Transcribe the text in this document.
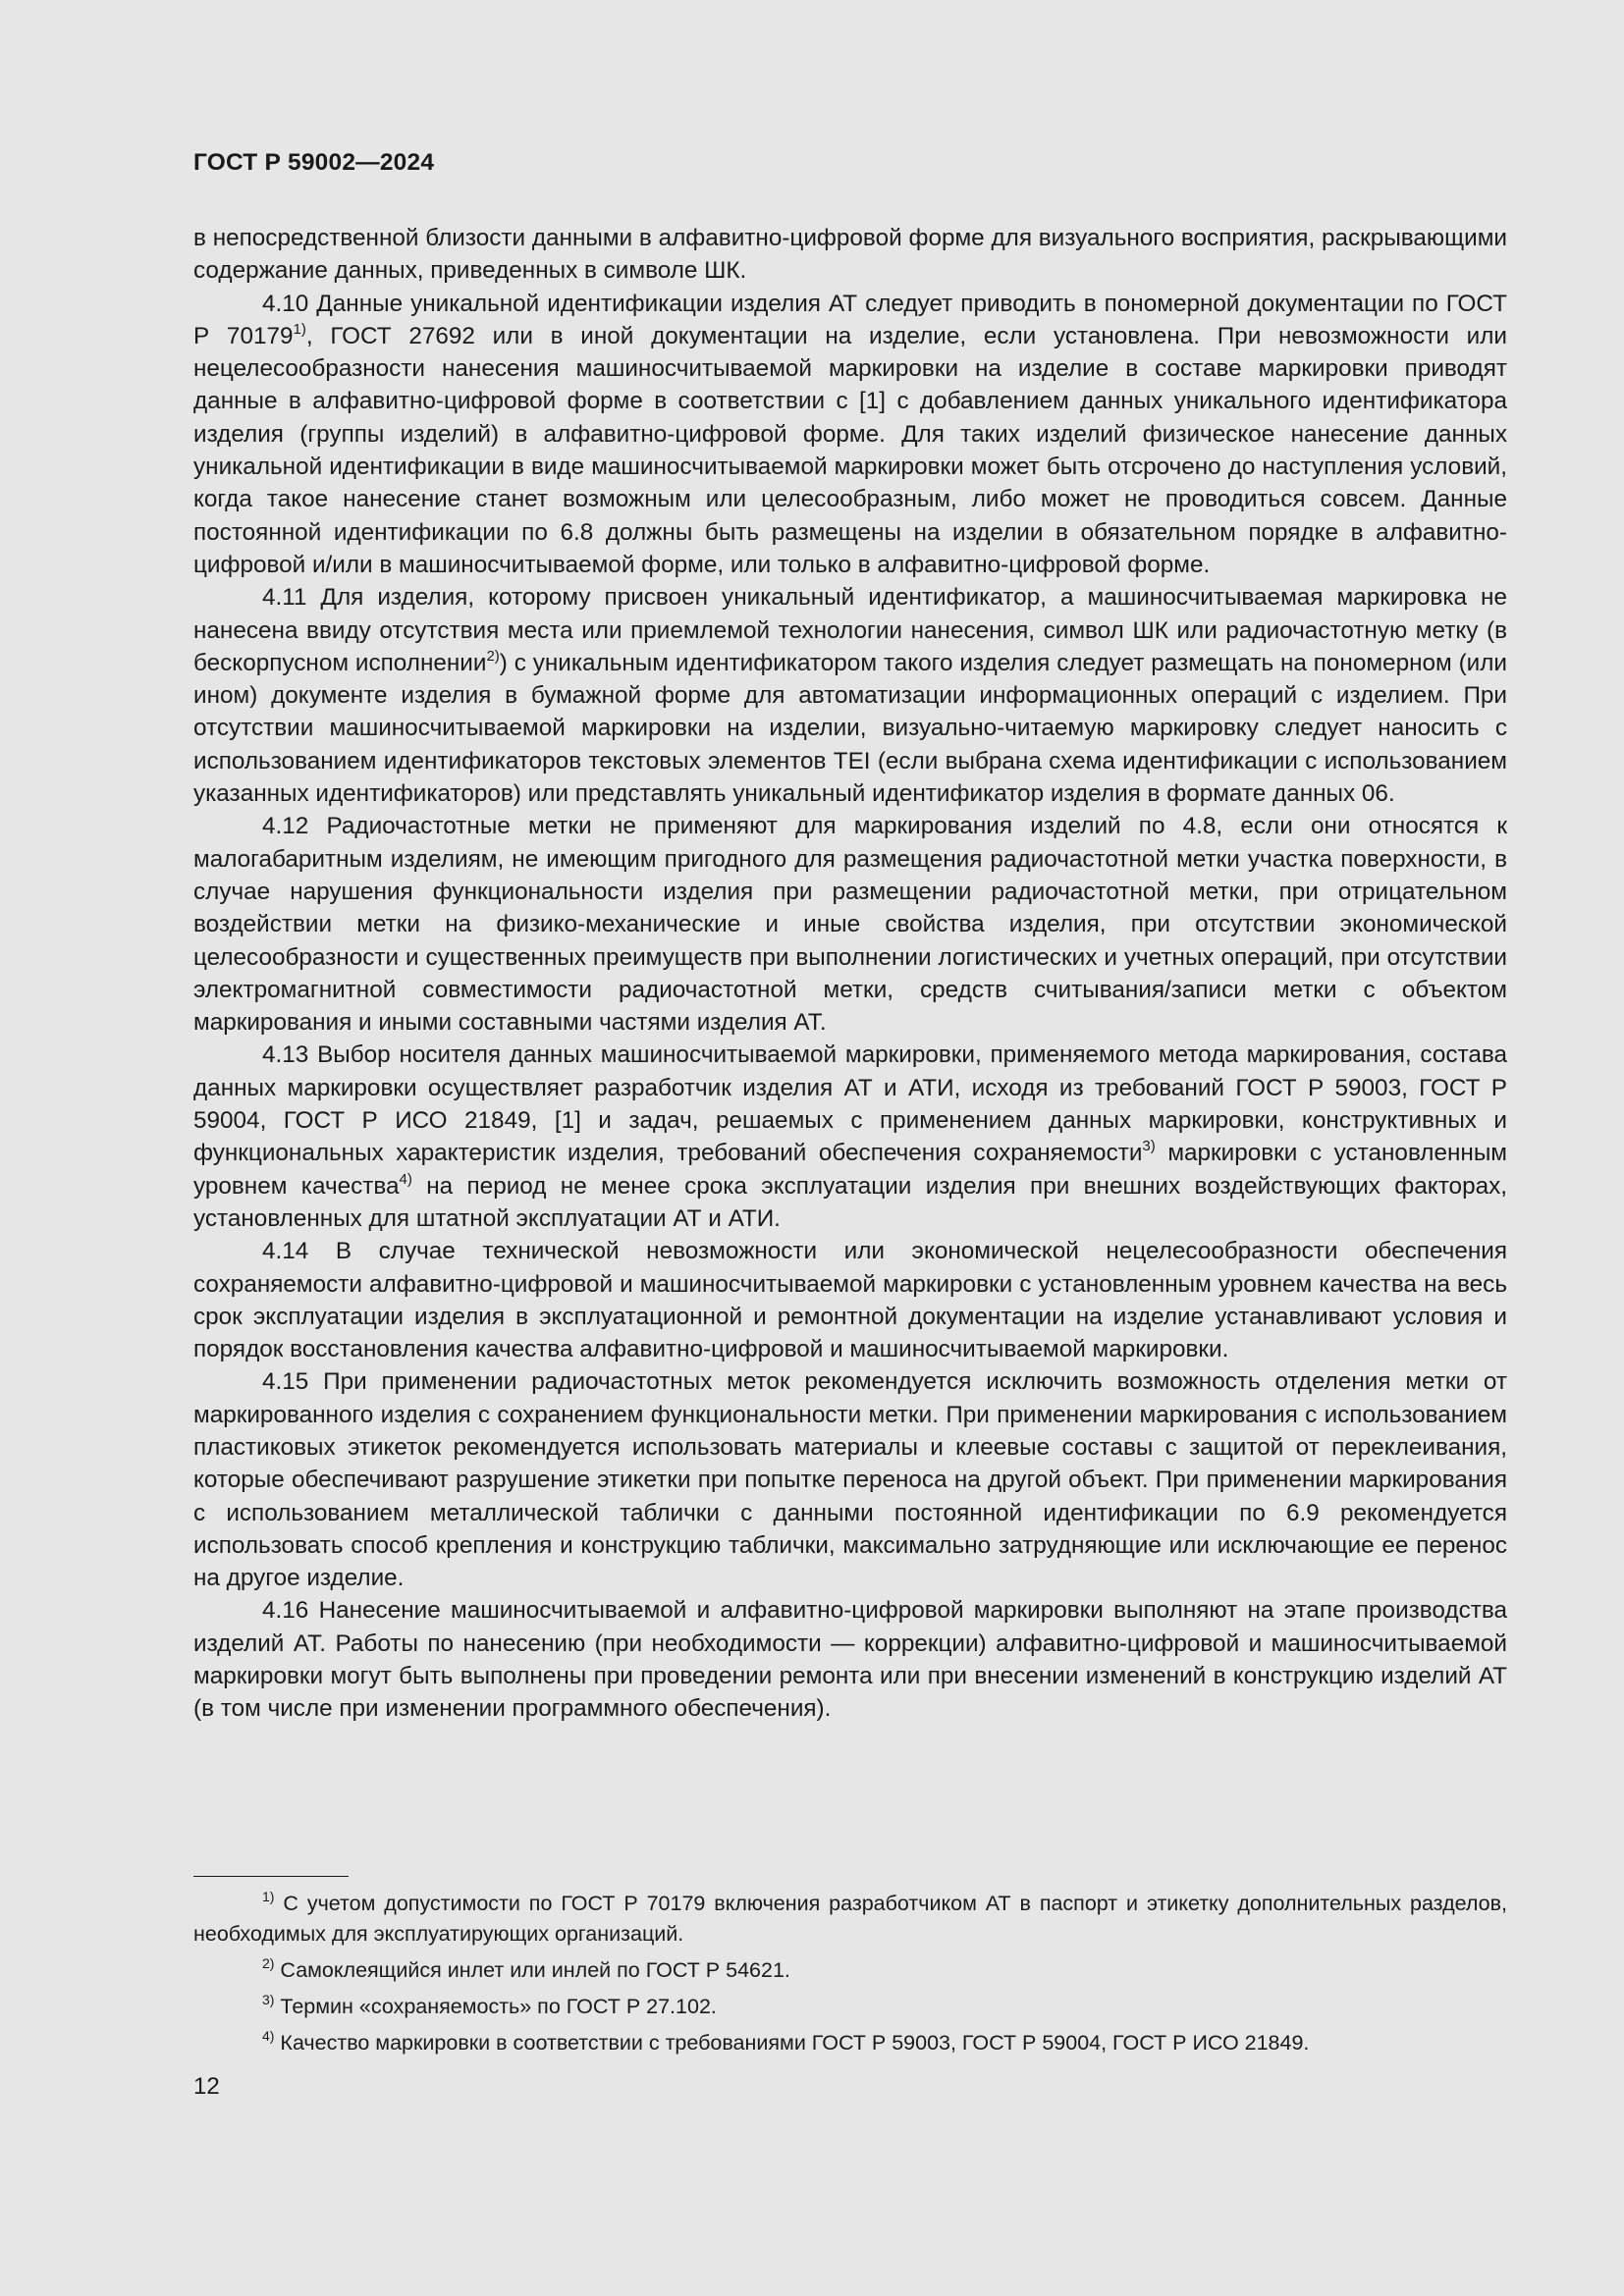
ГОСТ Р 59002—2024

в непосредственной близости данными в алфавитно-цифровой форме для визуального восприятия, раскрывающими содержание данных, приведенных в символе ШК.

4.10 Данные уникальной идентификации изделия АТ следует приводить в пономерной документации по ГОСТ Р 70179$^{1)}$, ГОСТ 27692 или в иной документации на изделие, если установлена. При невозможности или нецелесообразности нанесения машиносчитываемой маркировки на изделие в составе маркировки приводят данные в алфавитно-цифровой форме в соответствии с [1] с добавлением данных уникального идентификатора изделия (группы изделий) в алфавитно-цифровой форме. Для таких изделий физическое нанесение данных уникальной идентификации в виде машиносчитываемой маркировки может быть отсрочено до наступления условий, когда такое нанесение станет возможным или целесообразным, либо может не проводиться совсем. Данные постоянной идентификации по 6.8 должны быть размещены на изделии в обязательном порядке в алфавитно-цифровой и/или в машиносчитываемой форме, или только в алфавитно-цифровой форме.

4.11 Для изделия, которому присвоен уникальный идентификатор, а машиносчитываемая маркировка не нанесена ввиду отсутствия места или приемлемой технологии нанесения, символ ШК или радиочастотную метку (в бескорпусном исполнении$^{2)}$) с уникальным идентификатором такого изделия следует размещать на пономерном (или ином) документе изделия в бумажной форме для автоматизации информационных операций с изделием. При отсутствии машиносчитываемой маркировки на изделии, визуально-читаемую маркировку следует наносить с использованием идентификаторов текстовых элементов TEI (если выбрана схема идентификации с использованием указанных идентификаторов) или представлять уникальный идентификатор изделия в формате данных 06.

4.12 Радиочастотные метки не применяют для маркирования изделий по 4.8, если они относятся к малогабаритным изделиям, не имеющим пригодного для размещения радиочастотной метки участка поверхности, в случае нарушения функциональности изделия при размещении радиочастотной метки, при отрицательном воздействии метки на физико-механические и иные свойства изделия, при отсутствии экономической целесообразности и существенных преимуществ при выполнении логистических и учетных операций, при отсутствии электромагнитной совместимости радиочастотной метки, средств считывания/записи метки с объектом маркирования и иными составными частями изделия АТ.

4.13 Выбор носителя данных машиносчитываемой маркировки, применяемого метода маркирования, состава данных маркировки осуществляет разработчик изделия АТ и АТИ, исходя из требований ГОСТ Р 59003, ГОСТ Р 59004, ГОСТ Р ИСО 21849, [1] и задач, решаемых с применением данных маркировки, конструктивных и функциональных характеристик изделия, требований обеспечения сохраняемости$^{3)}$ маркировки с установленным уровнем качества$^{4)}$ на период не менее срока эксплуатации изделия при внешних воздействующих факторах, установленных для штатной эксплуатации АТ и АТИ.

4.14 В случае технической невозможности или экономической нецелесообразности обеспечения сохраняемости алфавитно-цифровой и машиносчитываемой маркировки с установленным уровнем качества на весь срок эксплуатации изделия в эксплуатационной и ремонтной документации на изделие устанавливают условия и порядок восстановления качества алфавитно-цифровой и машиносчитываемой маркировки.

4.15 При применении радиочастотных меток рекомендуется исключить возможность отделения метки от маркированного изделия с сохранением функциональности метки. При применении маркирования с использованием пластиковых этикеток рекомендуется использовать материалы и клеевые составы с защитой от переклеивания, которые обеспечивают разрушение этикетки при попытке переноса на другой объект. При применении маркирования с использованием металлической таблички с данными постоянной идентификации по 6.9 рекомендуется использовать способ крепления и конструкцию таблички, максимально затрудняющие или исключающие ее перенос на другое изделие.

4.16 Нанесение машиносчитываемой и алфавитно-цифровой маркировки выполняют на этапе производства изделий АТ. Работы по нанесению (при необходимости — коррекции) алфавитно-цифровой и машиносчитываемой маркировки могут быть выполнены при проведении ремонта или при внесении изменений в конструкцию изделий АТ (в том числе при изменении программного обеспечения).

$^{1)}$ С учетом допустимости по ГОСТ Р 70179 включения разработчиком АТ в паспорт и этикетку дополнительных разделов, необходимых для эксплуатирующих организаций.

$^{2)}$ Самоклеящийся инлет или инлей по ГОСТ Р 54621.

$^{3)}$ Термин «сохраняемость» по ГОСТ Р 27.102.

$^{4)}$ Качество маркировки в соответствии с требованиями ГОСТ Р 59003, ГОСТ Р 59004, ГОСТ Р ИСО 21849.

12
